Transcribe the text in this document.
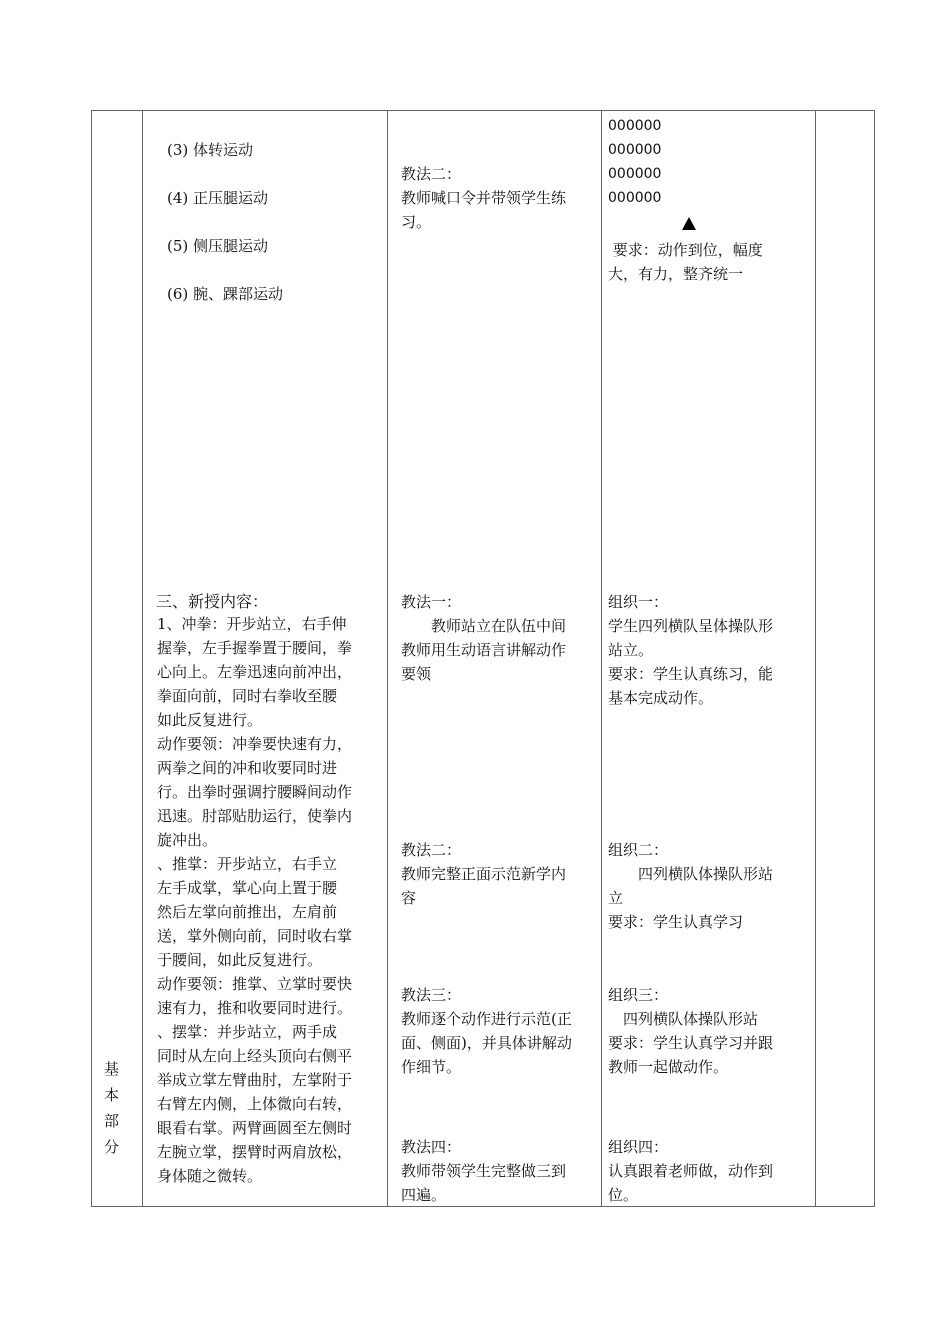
(3) 体转运动
(4) 正压腿运动
(5) 侧压腿运动
(6) 腕、踝部运动
教法二：
教师喊口令并带领学生练
习。
000000
000000
000000
000000
要求：动作到位，幅度
大，有力，整齐统一
基
本
部
分
三、新授内容：
1、冲拳：开步站立，右手伸
握拳，左手握拳置于腰间，拳
心向上。左拳迅速向前冲出，
拳面向前，同时右拳收至腰
如此反复进行。
动作要领：冲拳要快速有力，
两拳之间的冲和收要同时进
行。出拳时强调拧腰瞬间动作
迅速。肘部贴肋运行，使拳内
旋冲出。
、推掌：开步站立，右手立
左手成掌，掌心向上置于腰
然后左掌向前推出，左肩前
送，掌外侧向前，同时收右掌
于腰间，如此反复进行。
动作要领：推掌、立掌时要快
速有力，推和收要同时进行。
、摆掌：并步站立，两手成
同时从左向上经头顶向右侧平
举成立掌左臂曲肘，左掌附于
右臂左内侧，上体微向右转，
眼看右掌。两臂画圆至左侧时
左腕立掌，摆臂时两肩放松，
身体随之微转。
教法一：
　　教师站立在队伍中间
教师用生动语言讲解动作
要领
教法二：
教师完整正面示范新学内
容
教法三：
教师逐个动作进行示范(正
面、侧面)，并具体讲解动
作细节。
教法四：
教师带领学生完整做三到
四遍。
组织一：
学生四列横队呈体操队形
站立。
要求：学生认真练习，能
基本完成动作。
组织二：
　　四列横队体操队形站
立
要求：学生认真学习
组织三：
　四列横队体操队形站
要求：学生认真学习并跟
教师一起做动作。
组织四：
认真跟着老师做，动作到
位。
